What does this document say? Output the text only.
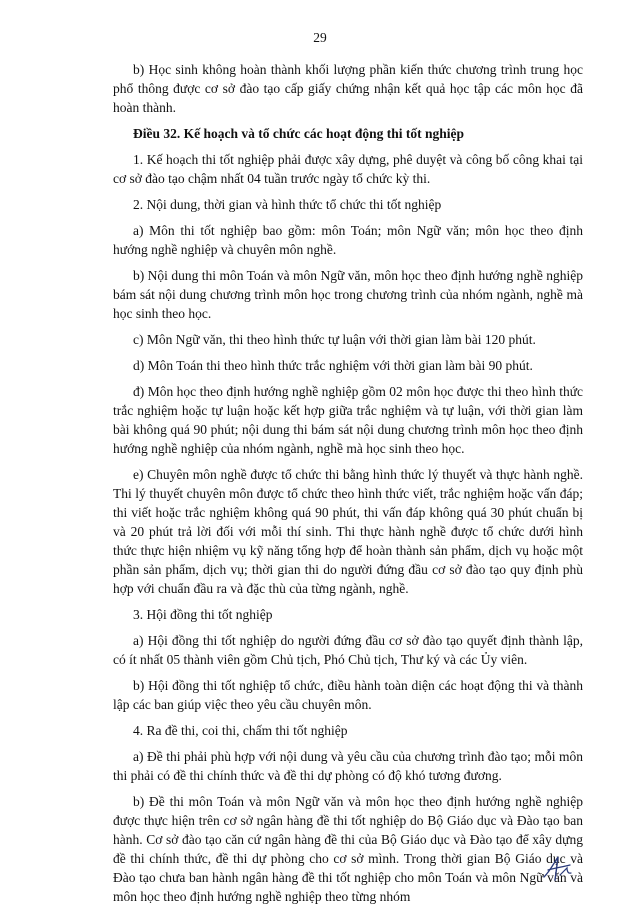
29

b) Học sinh không hoàn thành khối lượng phần kiến thức chương trình trung học phổ thông được cơ sở đào tạo cấp giấy chứng nhận kết quả học tập các môn học đã hoàn thành.

Điều 32. Kế hoạch và tổ chức các hoạt động thi tốt nghiệp

1. Kế hoạch thi tốt nghiệp phải được xây dựng, phê duyệt và công bố công khai tại cơ sở đào tạo chậm nhất 04 tuần trước ngày tổ chức kỳ thi.

2. Nội dung, thời gian và hình thức tổ chức thi tốt nghiệp

a) Môn thi tốt nghiệp bao gồm: môn Toán; môn Ngữ văn; môn học theo định hướng nghề nghiệp và chuyên môn nghề.

b) Nội dung thi môn Toán và môn Ngữ văn, môn học theo định hướng nghề nghiệp bám sát nội dung chương trình môn học trong chương trình của nhóm ngành, nghề mà học sinh theo học.

c) Môn Ngữ văn, thi theo hình thức tự luận với thời gian làm bài 120 phút.

d) Môn Toán thi theo hình thức trắc nghiệm với thời gian làm bài 90 phút.

đ) Môn học theo định hướng nghề nghiệp gồm 02 môn học được thi theo hình thức trắc nghiệm hoặc tự luận hoặc kết hợp giữa trắc nghiệm và tự luận, với thời gian làm bài không quá 90 phút; nội dung thi bám sát nội dung chương trình môn học theo định hướng nghề nghiệp của nhóm ngành, nghề mà học sinh theo học.

e) Chuyên môn nghề được tổ chức thi bằng hình thức lý thuyết và thực hành nghề. Thi lý thuyết chuyên môn được tổ chức theo hình thức viết, trắc nghiệm hoặc vấn đáp; thi viết hoặc trắc nghiệm không quá 90 phút, thi vấn đáp không quá 30 phút chuẩn bị và 20 phút trả lời đối với mỗi thí sinh. Thi thực hành nghề được tổ chức dưới hình thức thực hiện nhiệm vụ kỹ năng tổng hợp để hoàn thành sản phẩm, dịch vụ hoặc một phần sản phẩm, dịch vụ; thời gian thi do người đứng đầu cơ sở đào tạo quy định phù hợp với chuẩn đầu ra và đặc thù của từng ngành, nghề.

3. Hội đồng thi tốt nghiệp

a) Hội đồng thi tốt nghiệp do người đứng đầu cơ sở đào tạo quyết định thành lập, có ít nhất 05 thành viên gồm Chủ tịch, Phó Chủ tịch, Thư ký và các Ủy viên.

b) Hội đồng thi tốt nghiệp tổ chức, điều hành toàn diện các hoạt động thi và thành lập các ban giúp việc theo yêu cầu chuyên môn.

4. Ra đề thi, coi thi, chấm thi tốt nghiệp

a) Đề thi phải phù hợp với nội dung và yêu cầu của chương trình đào tạo; mỗi môn thi phải có đề thi chính thức và đề thi dự phòng có độ khó tương đương.

b) Đề thi môn Toán và môn Ngữ văn và môn học theo định hướng nghề nghiệp được thực hiện trên cơ sở ngân hàng đề thi tốt nghiệp do Bộ Giáo dục và Đào tạo ban hành. Cơ sở đào tạo căn cứ ngân hàng đề thi của Bộ Giáo dục và Đào tạo để xây dựng đề thi chính thức, đề thi dự phòng cho cơ sở mình. Trong thời gian Bộ Giáo dục và Đào tạo chưa ban hành ngân hàng đề thi tốt nghiệp cho môn Toán và môn Ngữ văn và môn học theo định hướng nghề nghiệp theo từng nhóm
